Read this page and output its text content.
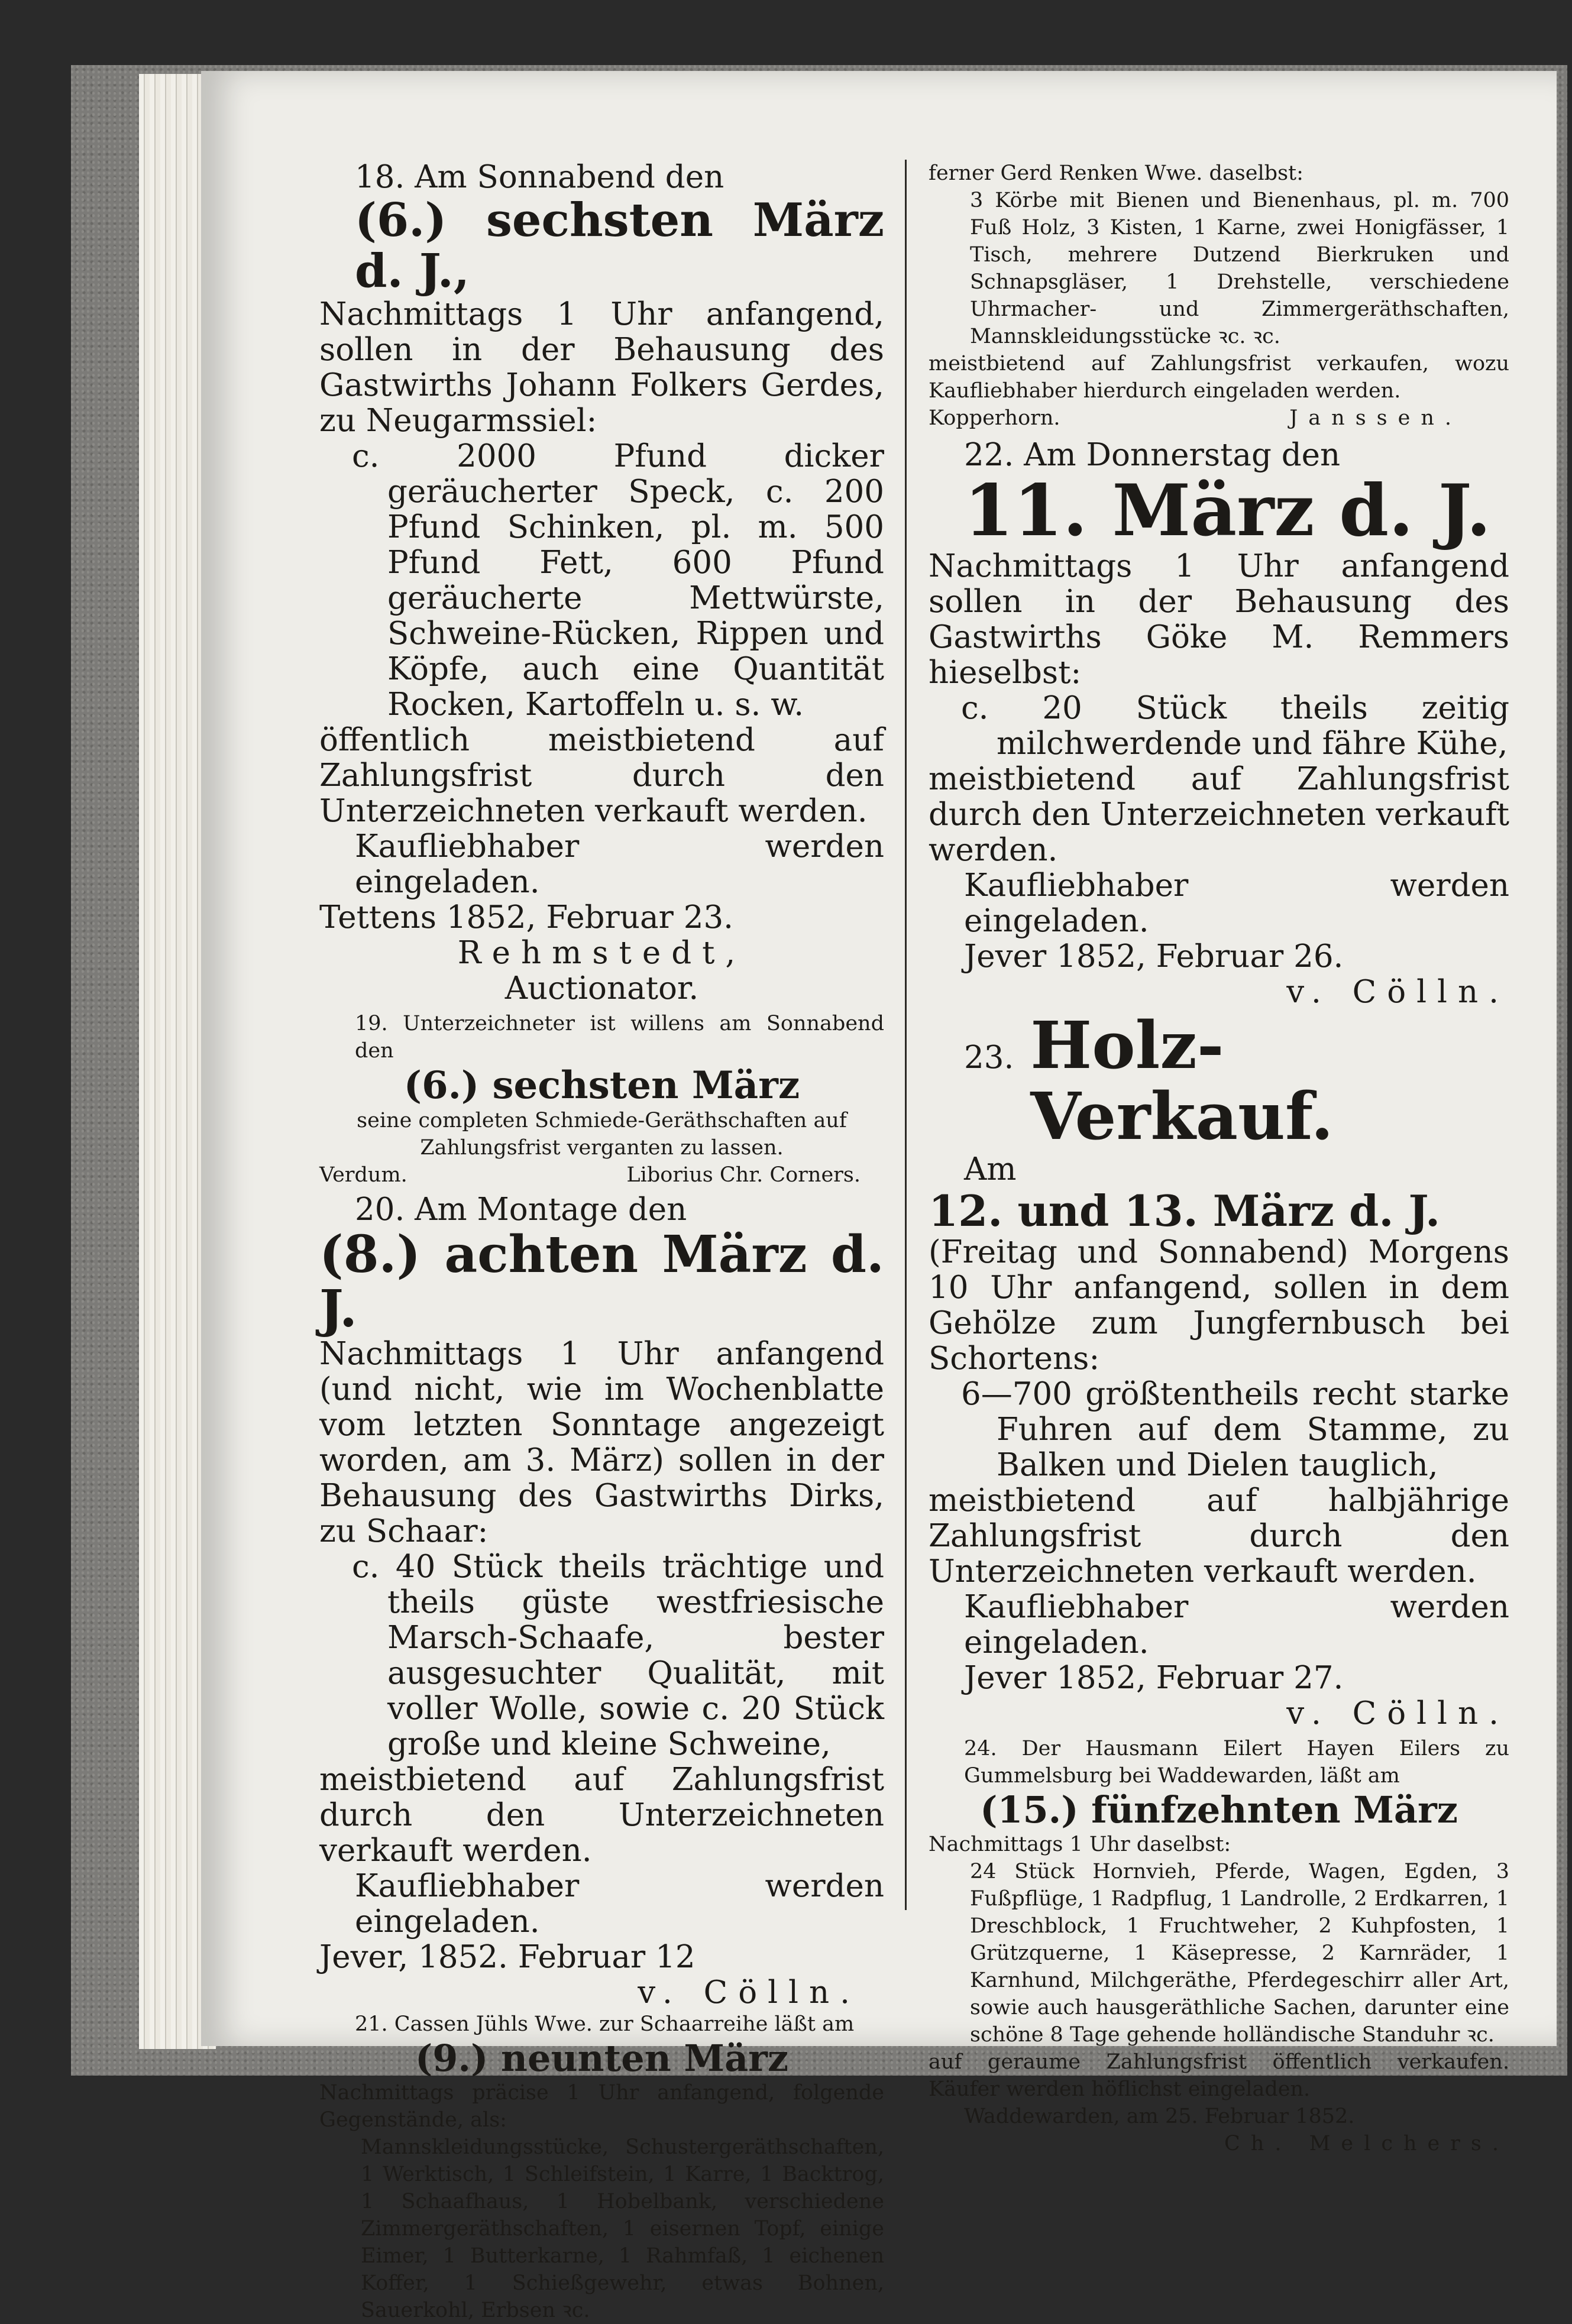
18. Am Sonnabend den

(6.) sechsten März d. J.,

Nachmittags 1 Uhr anfangend, sollen in der Behausung des Gastwirths Johann Folkers Gerdes, zu Neugarmssiel:

c. 2000 Pfund dicker geräucherter Speck, c. 200 Pfund Schinken, pl. m. 500 Pfund Fett, 600 Pfund geräucherte Mettwürste, Schweine-Rücken, Rippen und Köpfe, auch eine Quantität Rocken, Kartoffeln u. s. w.

öffentlich meistbietend auf Zahlungsfrist durch den Unterzeichneten verkauft werden.

Kaufliebhaber werden eingeladen.

Tettens 1852, Februar 23.

Rehmstedt,

Auctionator.

19. Unterzeichneter ist willens am Sonnabend den

(6.) sechsten März

seine completen Schmiede-Geräthschaften auf Zahlungsfrist verganten zu lassen.

Verdum.	Liborius Chr. Corners.

20. Am Montage den

(8.) achten März d. J.

Nachmittags 1 Uhr anfangend (und nicht, wie im Wochenblatte vom letzten Sonntage angezeigt worden, am 3. März) sollen in der Behausung des Gastwirths Dirks, zu Schaar:

c. 40 Stück theils trächtige und theils güste westfriesische Marsch-Schaafe, bester ausgesuchter Qualität, mit voller Wolle, sowie c. 20 Stück große und kleine Schweine,

meistbietend auf Zahlungsfrist durch den Unterzeichneten verkauft werden.

Kaufliebhaber werden eingeladen.

Jever, 1852. Februar 12

v. Cölln.

21. Cassen Jühls Wwe. zur Schaarreihe läßt am

(9.) neunten März

Nachmittags präcise 1 Uhr anfangend, folgende Gegenstände, als:

Mannskleidungsstücke, Schustergeräthschaften, 1 Werktisch, 1 Schleifstein, 1 Karre, 1 Backtrog, 1 Schaafhaus, 1 Hobelbank, verschiedene Zimmergeräthschaften, 1 eisernen Topf, einige Eimer, 1 Butterkarne, 1 Rahmfaß, 1 eichenen Koffer, 1 Schießgewehr, etwas Bohnen, Sauerkohl, Erbsen ꝛc.

ferner Gerd Renken Wwe. daselbst:

3 Körbe mit Bienen und Bienenhaus, pl. m. 700 Fuß Holz, 3 Kisten, 1 Karne, zwei Honigfässer, 1 Tisch, mehrere Dutzend Bierkruken und Schnapsgläser, 1 Drehstelle, verschiedene Uhrmacher- und Zimmergeräthschaften, Mannskleidungsstücke ꝛc. ꝛc.

meistbietend auf Zahlungsfrist verkaufen, wozu Kaufliebhaber hierdurch eingeladen werden.

Kopperhorn.	Janssen.

22. Am Donnerstag den

11. März d. J.

Nachmittags 1 Uhr anfangend sollen in der Behausung des Gastwirths Göke M. Remmers hieselbst:

c. 20 Stück theils zeitig milchwerdende und fähre Kühe,

meistbietend auf Zahlungsfrist durch den Unterzeichneten verkauft werden.

Kaufliebhaber werden eingeladen.

Jever 1852, Februar 26.

v. Cölln.

23. Holz-Verkauf.

Am

12. und 13. März d. J.

(Freitag und Sonnabend) Morgens 10 Uhr anfangend, sollen in dem Gehölze zum Jungfernbusch bei Schortens:

6—700 größtentheils recht starke Fuhren auf dem Stamme, zu Balken und Dielen tauglich,

meistbietend auf halbjährige Zahlungsfrist durch den Unterzeichneten verkauft werden.

Kaufliebhaber werden eingeladen.

Jever 1852, Februar 27.

v. Cölln.

24. Der Hausmann Eilert Hayen Eilers zu Gummelsburg bei Waddewarden, läßt am

(15.) fünfzehnten März

Nachmittags 1 Uhr daselbst:

24 Stück Hornvieh, Pferde, Wagen, Egden, 3 Fußpflüge, 1 Radpflug, 1 Landrolle, 2 Erdkarren, 1 Dreschblock, 1 Fruchtweher, 2 Kuhpfosten, 1 Grützquerne, 1 Käsepresse, 2 Karnräder, 1 Karnhund, Milchgeräthe, Pferdegeschirr aller Art, sowie auch hausgeräthliche Sachen, darunter eine schöne 8 Tage gehende holländische Standuhr ꝛc.

auf geraume Zahlungsfrist öffentlich verkaufen. Käufer werden höflichst eingeladen.

Waddewarden, am 25. Februar 1852.

Ch. Melchers.
